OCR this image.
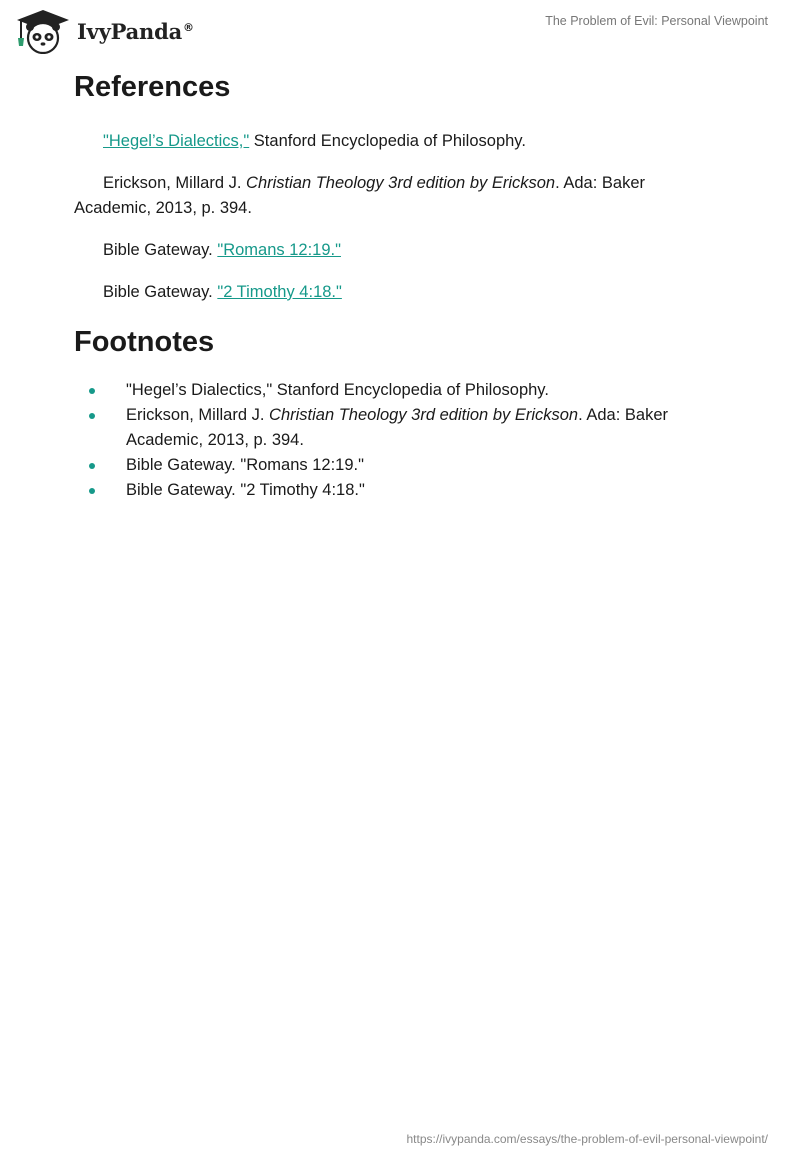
IvyPanda®	The Problem of Evil: Personal Viewpoint
References

"Hegel’s Dialectics," Stanford Encyclopedia of Philosophy.

Erickson, Millard J. Christian Theology 3rd edition by Erickson. Ada: Baker Academic, 2013, p. 394.

Bible Gateway. "Romans 12:19."

Bible Gateway. "2 Timothy 4:18."

Footnotes
"Hegel’s Dialectics," Stanford Encyclopedia of Philosophy.
Erickson, Millard J. Christian Theology 3rd edition by Erickson. Ada: Baker Academic, 2013, p. 394.
Bible Gateway. "Romans 12:19."
Bible Gateway. "2 Timothy 4:18."
https://ivypanda.com/essays/the-problem-of-evil-personal-viewpoint/
